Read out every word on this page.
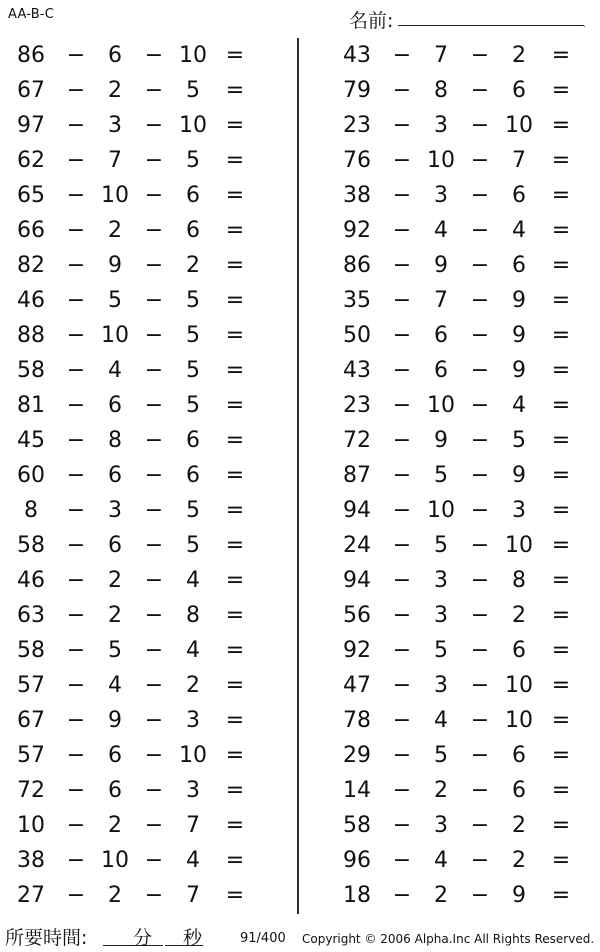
AA-B-C	名前:	.
86 −	6	− 10 =
67 −	2	−	5	=
97 −	3	− 10 =
62 −	7	−	5	=
65 − 10 −	6	=
66 −	2	−	6	=
82 −	9	−	2	=
46 −	5	−	5	=
88 − 10 −	5	=
58 −	4	−	5	=
81 −	6	−	5	=
45 −	8	−	6	=
60 −	6	−	6	=
8	−	3	−	5	=
58 −	6	−	5	=
46 −	2	−	4	=
63 −	2	−	8	=
58 −	5	−	4	=
57 −	4	−	2	=
67 −	9	−	3	=
57 −	6	− 10 =
72 −	6	−	3	=
10 −	2	−	7	=
38 − 10 −	4	=
27 −	2	−	7	=
43 −	7	−	2	=
79 −	8	−	6	=
23 −	3	− 10 =
76 − 10 −	7	=
38 −	3	−	6	=
92 −	4	−	4	=
86 −	9	−	6	=
35 −	7	−	9	=
50 −	6	−	9	=
43 −	6	−	9	=
23 − 10 −	4	=
72 −	9	−	5	=
87 −	5	−	9	=
94 − 10 −	3	=
24 −	5	− 10 =
94 −	3	−	8	=
56 −	3	−	2	=
92 −	5	−	6	=
47 −	3	− 10 =
78 −	4	− 10 =
29 −	5	−	6	=
14 −	2	−	6	=
58 −	3	−	2	=
96 −	4	−	2	=
18 −	2	−	9	=
所要時間: 分 秒	91/400 Copyright © 2006 Alpha.Inc All Rights Reserved.
